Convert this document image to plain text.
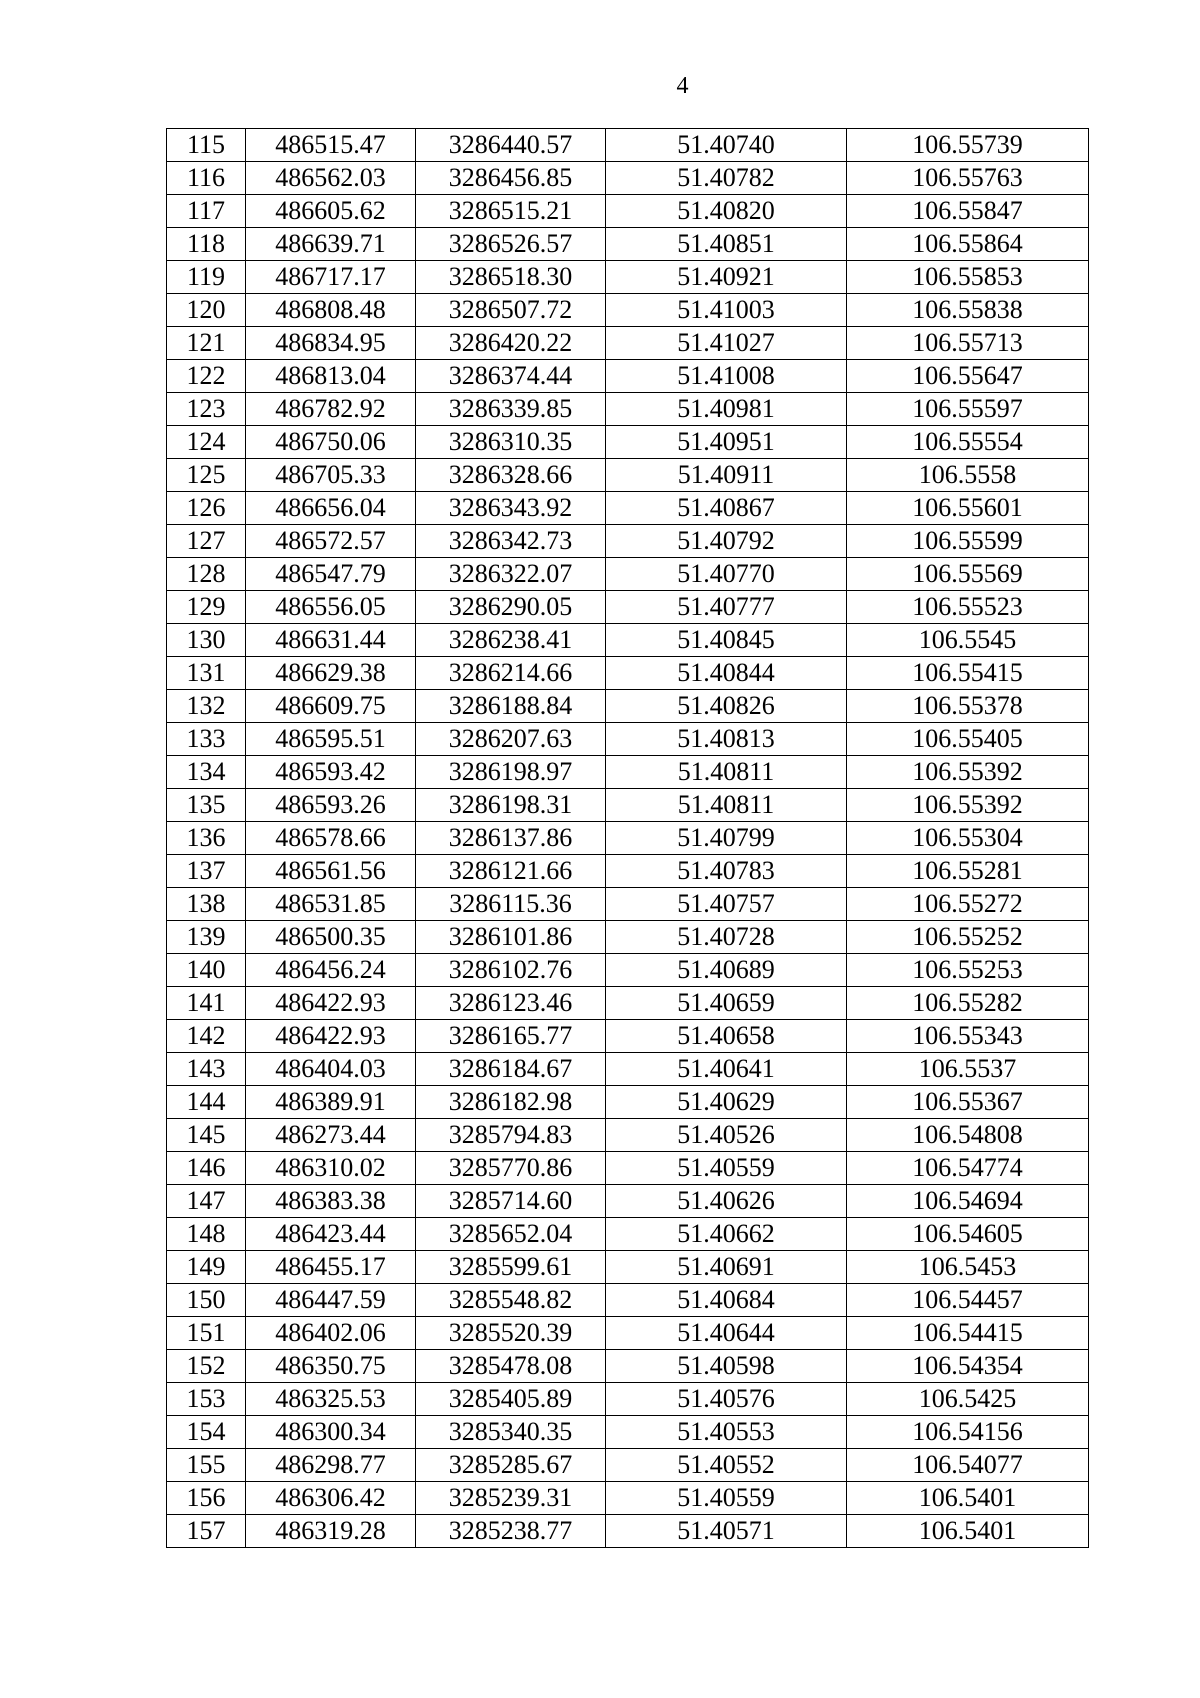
4
115	486515.47	3286440.57	51.40740	106.55739
116	486562.03	3286456.85	51.40782	106.55763
117	486605.62	3286515.21	51.40820	106.55847
118	486639.71	3286526.57	51.40851	106.55864
119	486717.17	3286518.30	51.40921	106.55853
120	486808.48	3286507.72	51.41003	106.55838
121	486834.95	3286420.22	51.41027	106.55713
122	486813.04	3286374.44	51.41008	106.55647
123	486782.92	3286339.85	51.40981	106.55597
124	486750.06	3286310.35	51.40951	106.55554
125	486705.33	3286328.66	51.40911	106.5558
126	486656.04	3286343.92	51.40867	106.55601
127	486572.57	3286342.73	51.40792	106.55599
128	486547.79	3286322.07	51.40770	106.55569
129	486556.05	3286290.05	51.40777	106.55523
130	486631.44	3286238.41	51.40845	106.5545
131	486629.38	3286214.66	51.40844	106.55415
132	486609.75	3286188.84	51.40826	106.55378
133	486595.51	3286207.63	51.40813	106.55405
134	486593.42	3286198.97	51.40811	106.55392
135	486593.26	3286198.31	51.40811	106.55392
136	486578.66	3286137.86	51.40799	106.55304
137	486561.56	3286121.66	51.40783	106.55281
138	486531.85	3286115.36	51.40757	106.55272
139	486500.35	3286101.86	51.40728	106.55252
140	486456.24	3286102.76	51.40689	106.55253
141	486422.93	3286123.46	51.40659	106.55282
142	486422.93	3286165.77	51.40658	106.55343
143	486404.03	3286184.67	51.40641	106.5537
144	486389.91	3286182.98	51.40629	106.55367
145	486273.44	3285794.83	51.40526	106.54808
146	486310.02	3285770.86	51.40559	106.54774
147	486383.38	3285714.60	51.40626	106.54694
148	486423.44	3285652.04	51.40662	106.54605
149	486455.17	3285599.61	51.40691	106.5453
150	486447.59	3285548.82	51.40684	106.54457
151	486402.06	3285520.39	51.40644	106.54415
152	486350.75	3285478.08	51.40598	106.54354
153	486325.53	3285405.89	51.40576	106.5425
154	486300.34	3285340.35	51.40553	106.54156
155	486298.77	3285285.67	51.40552	106.54077
156	486306.42	3285239.31	51.40559	106.5401
157	486319.28	3285238.77	51.40571	106.5401
